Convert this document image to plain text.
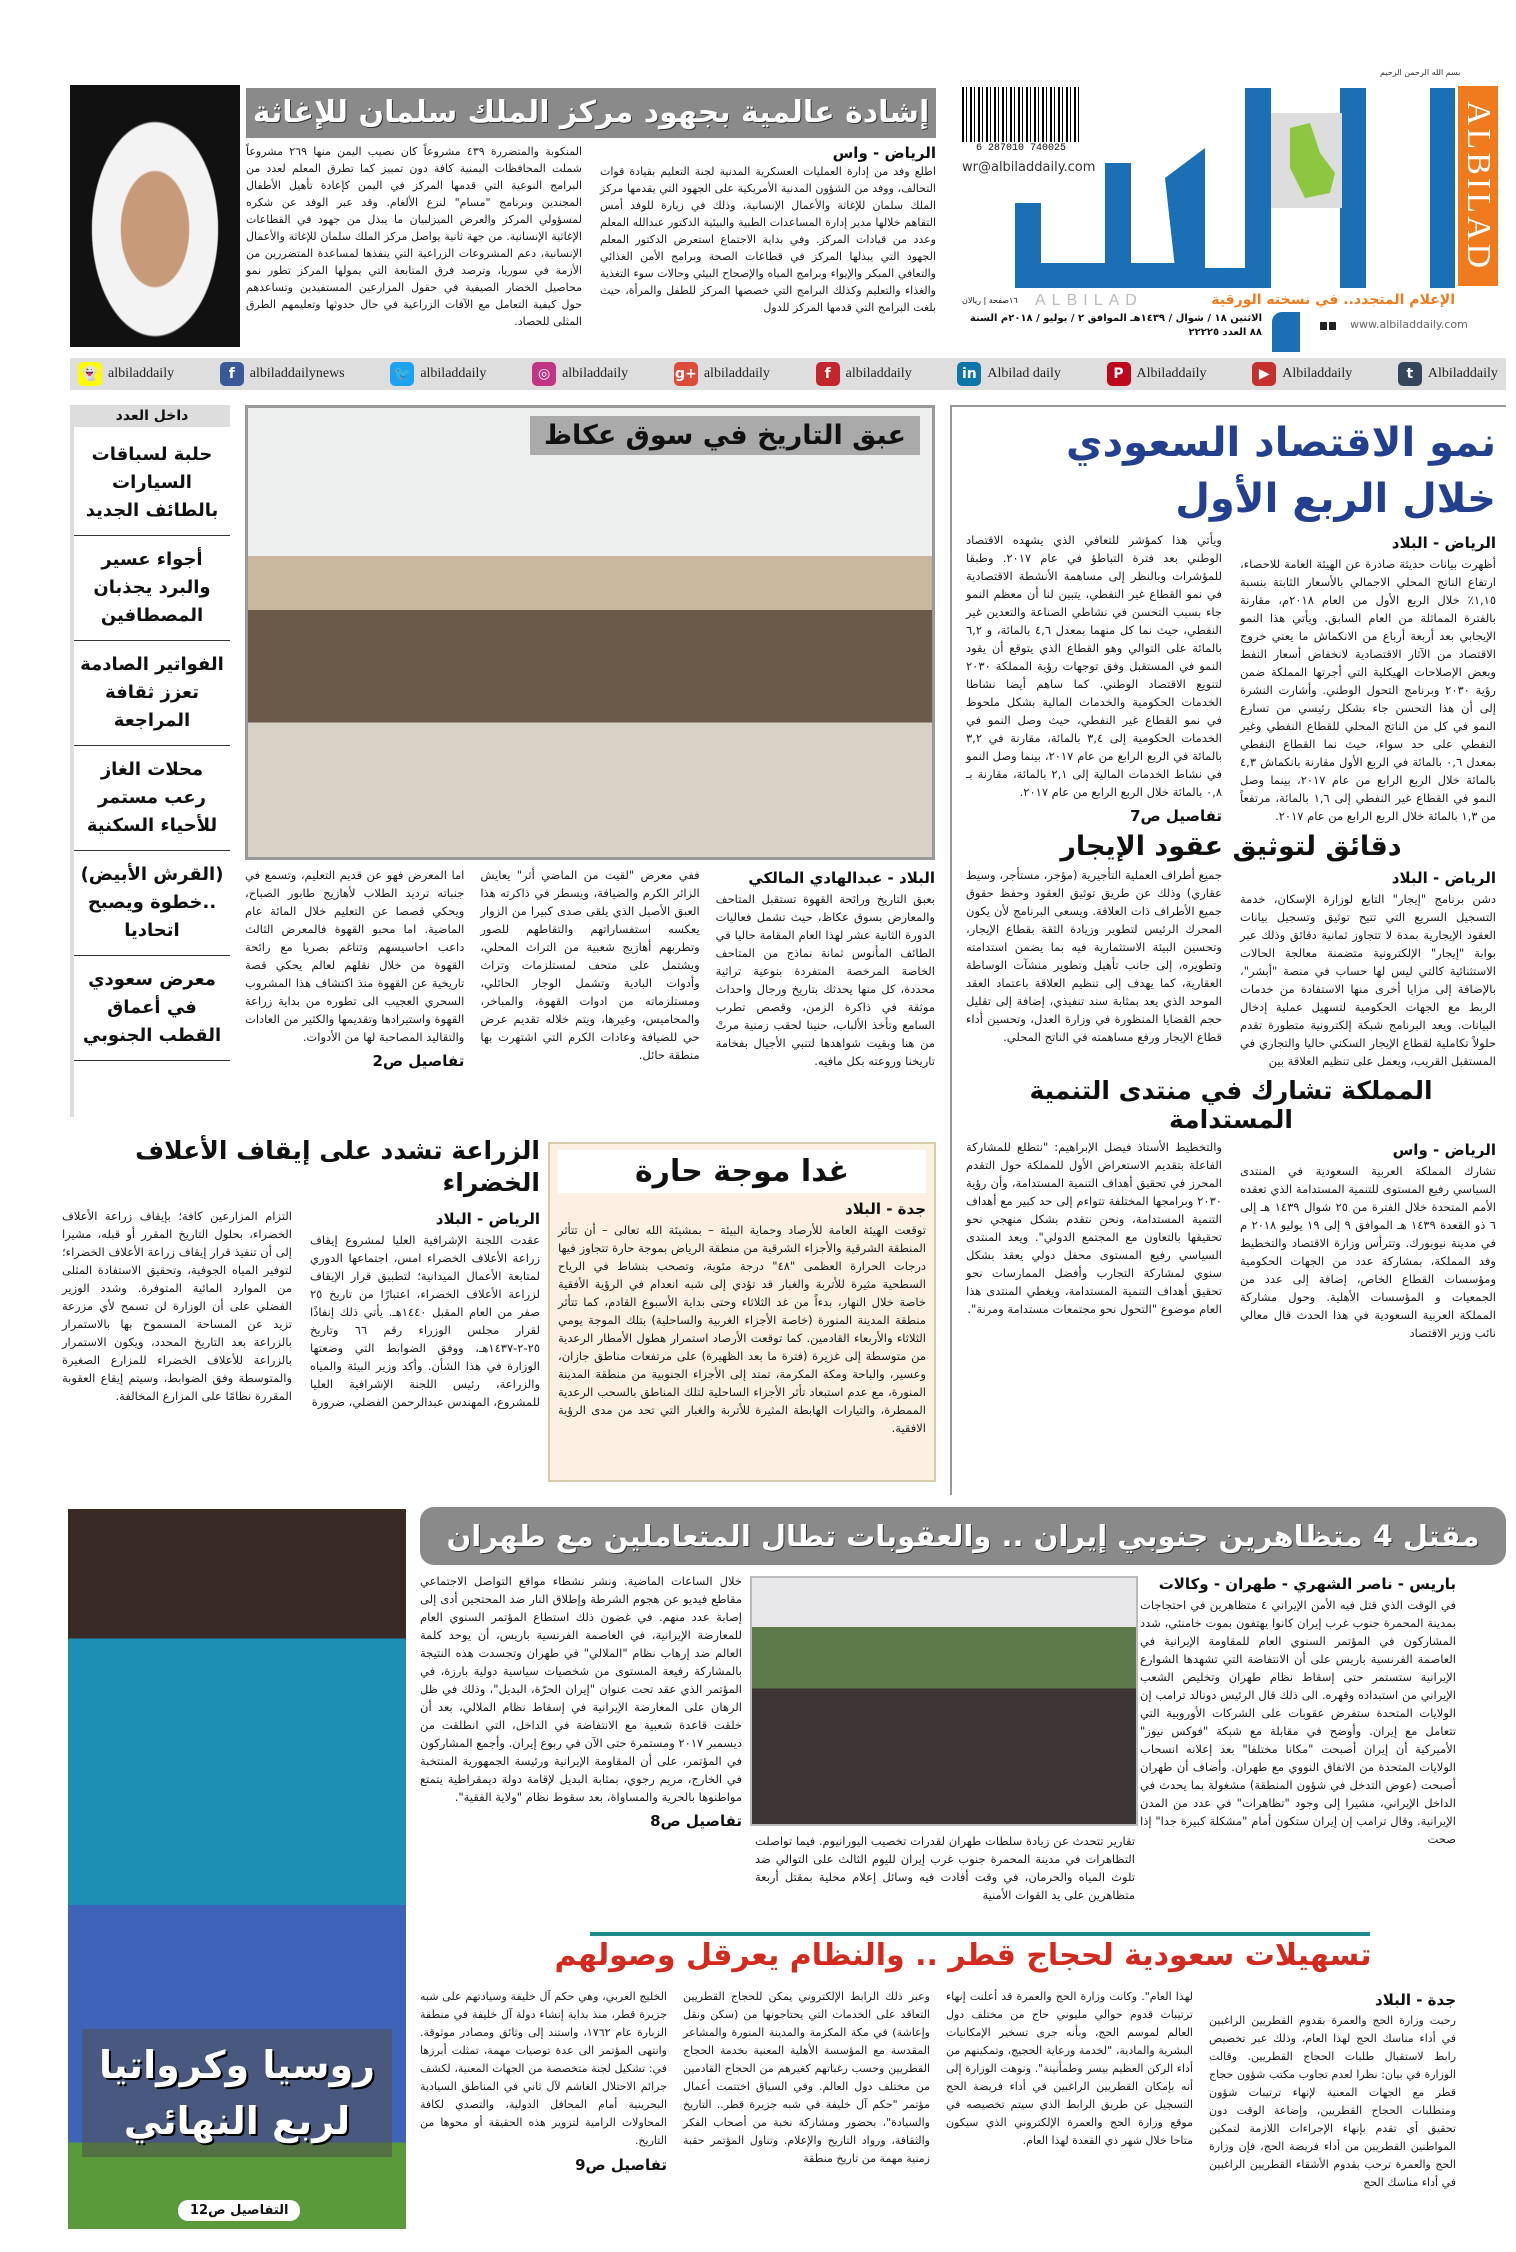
بسم الله الرحمن الرحيم
ALBILAD
6 287010 740025
wr@albiladdaily.com
الإعلام المتجدد.. في نسخته الورقية
ALBILAD
١٦صفحة | ريالان
الاثنين ١٨ / شوال / ١٤٣٩هـ الموافق ٢ / يوليو / ٢٠١٨م السنة ٨٨ العدد ٢٢٢٢٥
www.albiladdaily.com
إشادة عالمية بجهود مركز الملك سلمان للإغاثة
الرياض - واس
اطلع وفد من إدارة العمليات العسكرية المدنية لجنة التعليم بقيادة قوات التحالف، ووفد من الشؤون المدنية الأمريكية على الجهود التي يقدمها مركز الملك سلمان للإغاثة والأعمال الإنسانية، وذلك في زيارة للوفد أمس التقاهم خلالها مدير إدارة المساعدات الطبية والبيئية الدكتور عبدالله المعلم وعدد من قيادات المركز. وفي بداية الاجتماع استعرض الدكتور المعلم الجهود التي يبذلها المركز في قطاعات الصحة وبرامج الأمن الغذائي والتعافي المبكر والإيواء وبرامج المياه والإصحاح البيئي وحالات سوء التغذية والغذاء والتعليم وكذلك البرامج التي خصصها المركز للطفل والمرأة، حيث بلغت البرامج التي قدمها المركز للدول
المنكوبة والمتضررة ٤٣٩ مشروعاً كان نصيب اليمن منها ٢٦٩ مشروعاً شملت المحافظات اليمنية كافة دون تمييز كما تطرق المعلم لعدد من البرامج النوعية التي قدمها المركز في اليمن كإعادة تأهيل الأطفال المجندين وبرنامج "مسام" لنزع الألغام. وقد عبر الوفد عن شكره لمسؤولي المركز والعرض الميزلبيان ما يبذل من جهود في القطاعات الإغاثية الإنسانية. من جهة ثانية يواصل مركز الملك سلمان للإغاثة والأعمال الإنسانية، دعم المشروعات الزراعية التي ينفذها لمساعدة المتضررين من الأزمة في سوريا، وترصد فرق المتابعة التي يمولها المركز تطور نمو محاصيل الخضار الصيفية في حقول المزارعين المستفيدين وتساعدهم حول كيفية التعامل مع الآفات الزراعية في حال حدوثها وتعليمهم الطرق المثلى للحصاد.
t	Albiladdaily
▶ Albiladdaily
P Albiladdaily
in Albilad daily
f	albiladdaily
g+ albiladdaily
◎ albiladdaily
🐦 albiladdaily
f	albiladdailynews
👻 albiladdaily
داخل العدد
حلبة لسباقات السيارات بالطائف الجديد
أجواء عسير والبرد يجذبان المصطافين
الفواتير الصادمة تعزز ثقافة المراجعة
محلات الغاز رعب مستمر للأحياء السكنية
(القرش الأبيض) ..خطوة ويصبح اتحاديا
معرض سعودي في أعماق القطب الجنوبي
عبق التاريخ في سوق عكاظ
البلاد - عبدالهادي المالكي
بعبق التاريخ ورائحة القهوة تستقبل المتاحف والمعارض بسوق عكاظ، حيث تشمل فعاليات الدورة الثانية عشر لهذا العام المقامة حاليا في الطائف المأنوس ثمانة نماذج من المتاحف الخاصة المرخصة المتفردة بنوعية تراثية محددة، كل منها يحدثك بتاريخ ورجال واحداث موثقة في ذاكرة الزمن، وقصص تطرب السامع وتأخذ الألباب، حنينا لحقب زمنية مرتْ من هنا وبقيت شواهدها لتنبي الأجيال بفخامة تاريخنا وروعته بكل مافيه.
ففي معرض "لقيت من الماضي أثر" يعايش الزائر الكرم والضيافة، ويسطر في ذاكرته هذا العبق الأصيل الذي يلقى صدى كبيرا من الزوار يعكسه استفساراتهم والتقاطهم للصور وتطربهم أهازيج شعبية من التراث المحلي، ويشتمل على متحف لمستلزمات وتراث وأدوات البادية وتشمل الوجار الحائلي، ومستلزماته من ادوات القهوة، والمباخر، والمحاميس، وغيرها، ويتم خلاله تقديم عرض حي للضيافة وعادات الكرم التي اشتهرت بها منطقة حائل.
اما المعرض فهو عن قديم التعليم، وتسمع في جنباته ترديد الطلاب لأهازيج طابور الصباح، ويحكي قصصا عن التعليم خلال المائة عام الماضية. اما محبو القهوة فالمعرض الثالث داعب احاسيسهم وتناغم بصريا مع رائحة القهوة من خلال نقلهم لعالم يحكي قصة تاريخية عن القهوة منذ اكتشاف هذا المشروب السحري العجيب الى تطوره من بداية زراعة القهوة واستيرادها وتقديمها والكثير من العادات والتقاليد المصاحبة لها من الأدوات.
تفاصيل ص2
نمو الاقتصاد السعودي خلال الربع الأول
الرياض - البلاد
أظهرت بيانات حديثة صادرة عن الهيئة العامة للاحصاء، ارتفاع الناتج المحلي الاجمالي بالأسعار الثابتة بنسبة ١,١٥٪ خلال الربع الأول من العام ٢٠١٨م، مقارنة بالفترة المماثلة من العام السابق. ويأتي هذا النمو الإيجابي بعد أربعة أرباع من الانكماش ما يعني خروج الاقتصاد من الآثار الاقتصادية لانخفاض أسعار النفط وبعض الإصلاحات الهيكلية التي أجرتها المملكة ضمن رؤية ٢٠٣٠ وبرنامج التحول الوطني. وأشارت النشرة إلى أن هذا التحسن جاء بشكل رئيسي من تسارع النمو في كل من الناتج المحلي للقطاع النفطي وغير النفطي على حد سواء، حيث نما القطاع النفطي بمعدل ٠,٦ بالمائة في الربع الأول مقارنة بانكماش ٤,٣ بالمائة خلال الربع الرابع من عام ٢٠١٧، بينما وصل النمو في القطاع غير النفطي إلى ١,٦ بالمائة، مرتفعاً من ١,٣ بالمائة خلال الربع الرابع من عام ٢٠١٧.
ويأتي هذا كمؤشر للتعافي الذي يشهده الاقتصاد الوطني بعد فترة التباطؤ في عام ٢٠١٧. وطبقا للمؤشرات وبالنظر إلى مساهمة الأنشطة الاقتصادية في نمو القطاع غير النفطي، يتبين لنا أن معظم النمو جاء بسبب التحسن في نشاطي الصناعة والتعدين غير النفطي، حيث نما كل منهما بمعدل ٤,٦ بالمائة، و ٦,٢ بالمائة على التوالي وهو القطاع الذي يتوقع أن يقود النمو في المستقبل وفق توجهات رؤية المملكة ٢٠٣٠ لتنويع الاقتصاد الوطني. كما ساهم أيضا نشاطا الخدمات الحكومية والخدمات المالية بشكل ملحوظ في نمو القطاع غير النفطي، حيث وصل النمو في الخدمات الحكومية إلى ٣,٤ بالمائة، مقارنة في ٣,٢ بالمائة في الربع الرابع من عام ٢٠١٧، بينما وصل النمو في نشاط الخدمات المالية إلى ٢,١ بالمائة، مقارنة بـ ٠,٨ بالمائة خلال الربع الرابع من عام ٢٠١٧.
تفاصيل ص7
دقائق لتوثيق عقود الإيجار
الرياض - البلاد
دشن برنامج "إيجار" التابع لوزارة الإسكان، خدمة التسجيل السريع التي تتيح توثيق وتسجيل بيانات العقود الإيجارية بمدة لا تتجاوز ثمانية دقائق وذلك عبر بوابة "إيجار" الإلكترونية متضمنة معالجة الحالات الاستثنائية كالتي ليس لها حساب في منصة "أبشر"، بالإضافة إلى مزايا أخرى منها الاستفادة من خدمات الربط مع الجهات الحكومية لتسهيل عملية إدخال البيانات. ويعد البرنامج شبكة إلكترونية متطورة تقدم حلولاً تكاملية لقطاع الإيجار السكني حاليا والتجاري في المستقبل القريب، ويعمل على تنظيم العلاقة بين
جميع أطراف العملية التأجيرية (مؤجر، مستأجر، وسيط عقاري) وذلك عن طريق توثيق العقود وحفظ حقوق جميع الأطراف ذات العلاقة. ويسعى البرنامج لأن يكون المحرك الرئيس لتطوير وزيادة الثقة بقطاع الإيجار، وتحسين البيئة الاستثمارية فيه بما يضمن استدامته وتطويره، إلى جانب تأهيل وتطوير منشآت الوساطة العقارية، كما يهدف إلى تنظيم العلاقة باعتماد العقد الموحد الذي يعد بمثابة سند تنفيذي، إضافة إلى تقليل حجم القضايا المنظورة في وزارة العدل، وتحسين أداء قطاع الإيجار ورفع مساهمته في الناتج المحلي.
المملكة تشارك في منتدى التنمية المستدامة
الرياض - واس
تشارك المملكة العربية السعودية في المنتدى السياسي رفيع المستوى للتنمية المستدامة الذي تعقده الأمم المتحدة خلال الفترة من ٢٥ شوال ١٤٣٩ هـ إلى ٦ ذو القعدة ١٤٣٩ هـ الموافق ٩ إلى ١٩ يوليو ٢٠١٨ م في مدينة نيويورك. وتترأس وزارة الاقتصاد والتخطيط وفد المملكة، بمشاركة عدد من الجهات الحكومية ومؤسسات القطاع الخاص، إضافة إلى عدد من الجمعيات و المؤسسات الأهلية. وحول مشاركة المملكة العربية السعودية في هذا الحدث قال معالي نائب وزير الاقتصاد
والتخطيط الأستاذ فيصل الإبراهيم: "نتطلع للمشاركة الفاعلة بتقديم الاستعراض الأول للمملكة حول التقدم المحرز في تحقيق أهداف التنمية المستدامة، وأن رؤية ٢٠٣٠ وبرامجها المختلفة تتواءم إلى حد كبير مع أهداف التنمية المستدامة، ونحن نتقدم بشكل منهجي نحو تحقيقها بالتعاون مع المجتمع الدولي". ويعد المنتدى السياسي رفيع المستوى محفل دولي يعقد بشكل سنوي لمشاركة التجارب وأفضل الممارسات نحو تحقيق أهداف التنمية المستدامة، ويغطي المنتدى هذا العام موضوع "التحول نحو مجتمعات مستدامة ومرنة".
غدا موجة حارة
جدة - البلاد
توقعت الهيئة العامة للأرصاد وحماية البيئة – بمشيئة الله تعالى – أن تتأثر المنطقة الشرقية والأجزاء الشرقية من منطقة الرياض بموجة حارة تتجاوز فيها درجات الحرارة العظمى "٤٨" درجة مئوية، وتصحب بنشاط في الرياح السطحية مثيرة للأتربة والغبار قد تؤدي إلى شبه انعدام في الرؤية الأفقية خاصة خلال النهار، بدءاً من غد الثلاثاء وحتى بداية الأسبوع القادم، كما تتأثر منطقة المدينة المنورة (خاصة الأجزاء الغربية والساحلية) بتلك الموجة يومي الثلاثاء والأربعاء القادمين. كما توقعت الأرصاد استمرار هطول الأمطار الرعدية من متوسطة إلى غزيرة (فترة ما بعد الظهيرة) على مرتفعات مناطق جازان، وعسير، والباحة ومكة المكرمة، تمتد إلى الأجزاء الجنوبية من منطقة المدينة المنورة، مع عدم استبعاد تأثر الأجزاء الساحلية لتلك المناطق بالسحب الرعدية الممطرة، والتيارات الهابطة المثيرة للأتربة والغبار التي تحد من مدى الرؤية الافقية.
الزراعة تشدد على إيقاف الأعلاف الخضراء
الرياض - البلاد
عقدت اللجنة الإشرافية العليا لمشروع إيقاف زراعة الأعلاف الخضراء امس، اجتماعها الدوري لمتابعة الأعمال الميدانية؛ لتطبيق قرار الإيقاف لزراعة الأعلاف الخضراء، اعتبارًا من تاريخ ٢٥ صفر من العام المقبل ١٤٤٠هـ. يأتي ذلك إنفاذًا لقرار مجلس الوزراء رقم ٦٦ وتاريخ ٢٥-٢-١٤٣٧هـ، ووفق الضوابط التي وضعتها الوزارة في هذا الشأن. وأكد وزير البيئة والمياه والزراعة، رئيس اللجنة الإشرافية العليا للمشروع، المهندس عبدالرحمن الفضلي، ضرورة
التزام المزارعين كافة؛ بإيقاف زراعة الأعلاف الخضراء، بحلول التاريخ المقرر أو قبله، مشيرا إلى أن تنفيذ قرار إيقاف زراعة الأعلاف الخضراء؛ لتوفير المياه الجوفية، وتحقيق الاستفادة المثلى من الموارد المائية المتوفرة. وشدد الوزير الفضلي على أن الوزارة لن تسمح لأي مزرعة تزيد عن المساحة المسموح بها بالاستمرار بالزراعة بعد التاريخ المحدد، ويكون الاستمرار بالزراعة للأعلاف الخضراء للمزارع الصغيرة والمتوسطة وفق الضوابط، وسيتم إيقاع العقوبة المقررة نظامًا على المزارع المخالفة.
روسيا وكرواتيا
لربع النهائي
التفاصيل ص12
مقتل 4 متظاهرين جنوبي إيران .. والعقوبات تطال المتعاملين مع طهران
باريس - ناصر الشهري - طهران - وكالات
في الوقت الذي قتل فيه الأمن الإيراني ٤ متظاهرين في احتجاجات بمدينة المحمرة جنوب غرب إيران كانوا يهتفون بموت خامنئي، شدد المشاركون في المؤتمر السنوي العام للمقاومة الإيرانية في العاصمة الفرنسية باريس على أن الانتفاضة التي تشهدها الشوارع الإيرانية ستستمر حتى إسقاط نظام طهران وتخليص الشعب الإيراني من استبداده وقهره. الى ذلك قال الرئيس دونالد ترامب إن الولايات المتحدة ستفرض عقوبات على الشركات الأوروبية التي تتعامل مع إيران. وأوضح في مقابلة مع شبكة "فوكس نيوز" الأميركية أن إيران أصبحت "مكانا مختلفا" بعد إعلانه انسحاب الولايات المتحدة من الاتفاق النووي مع طهران. وأضاف أن طهران أصبحت (عوض التدخل في شؤون المنطقة) مشغولة بما يحدث في الداخل الإيراني، مشيرا إلى وجود "تظاهرات" في عدد من المدن الإيرانية. وقال ترامب إن إيران ستكون أمام "مشكلة كبيرة جدا" إذا صحت
تقارير تتحدث عن زيادة سلطات طهران لقدرات تخصيب اليورانيوم. فيما تواصلت التظاهرات في مدينة المحمرة جنوب غرب إيران لليوم الثالث على التوالي ضد تلوث المياه والحرمان، في وقت أفادت فيه وسائل إعلام محلية بمقتل أربعة متظاهرين على يد القوات الأمنية
خلال الساعات الماضية. ونشر نشطاء مواقع التواصل الاجتماعي مقاطع فيديو عن هجوم الشرطة وإطلاق النار ضد المحتجين أدى إلى إصابة عدد منهم. في غضون ذلك استطاع المؤتمر السنوي العام للمعارضة الإيرانية، في العاصمة الفرنسية باريس، أن يوحد كلمة العالم ضد إرهاب نظام "الملالي" في طهران وتجسدت هذه النتيجة بالمشاركة رفيعة المستوى من شخصيات سياسية دولية بارزة، في المؤتمر الذي عقد تحت عنوان "إيران الحرّة، البديل"، وذلك في ظل الرهان على المعارضة الإيرانية في إسقاط نظام الملالي، بعد أن خلقت قاعدة شعبية مع الانتفاضة في الداخل، التي انطلقت من ديسمبر ٢٠١٧ ومستمرة حتى الآن في ربوع إيران. وأجمع المشاركون في المؤتمر، على أن المقاومة الإيرانية ورئيسة الجمهورية المنتخبة في الخارج، مريم رجوي، بمثابة البديل لإقامة دولة ديمقراطية يتمتع مواطنوها بالحرية والمساواة، بعد سقوط نظام "ولاية الفقية".
تفاصيل ص8
تسهيلات سعودية لحجاج قطر .. والنظام يعرقل وصولهم
جدة - البلاد
رحبت وزارة الحج والعمرة بقدوم القطريين الراغبين في أداء مناسك الحج لهذا العام، وذلك عبر تخصيص رابط لاستقبال طلبات الحجاج القطريين. وقالت الوزارة في بيان: نظرا لعدم تجاوب مكتب شؤون حجاج قطر مع الجهات المعنية لإنهاء ترتيبات شؤون ومتطلبات الحجاج القطريين، وإضاعة الوقت دون تحقيق أي تقدم بإنهاء الإجراءات اللازمة لتمكين المواطنين القطريين من أداء فريضة الحج، فإن وزارة الحج والعمرة ترحب بقدوم الأشقاء القطريين الراغبين في أداء مناسك الحج
لهذا العام". وكانت وزارة الحج والعمرة قد أعلنت إنهاء ترتيبات قدوم حوالي مليوني حاج من مختلف دول العالم لموسم الحج، وبأنه جرى تسخير الإمكانيات البشرية والمادية، "لخدمة ورعاية الحجيج، وتمكينهم من أداء الركن العظيم بيسر وطمأنينة". ونوهت الوزارة إلى أنه بإمكان القطريين الراغبين في أداء فريضة الحج التسجيل عن طريق الرابط الذي سيتم تخصيصه في موقع وزارة الحج والعمرة الإلكتروني الذي سيكون متاحا خلال شهر ذي القعدة لهذا العام.
وعبر ذلك الرابط الإلكتروني يمكن للحجاج القطريين التعاقد على الخدمات التي يحتاجونها من (سكن ونقل وإعاشة) في مكة المكرمة والمدينة المنورة والمشاعر المقدسة مع المؤسسة الأهلية المعنية بخدمة الحجاج القطريين وحسب رغباتهم كغيرهم من الحجاج القادمين من مختلف دول العالم. وفي السياق اختتمت أعمال مؤتمر "حكم آل خليفة في شبه جزيرة قطر.. التاريخ والسيادة"، بحضور ومشاركة نخبة من أصحاب الفكر والثقافة، ورواد التاريخ والإعلام. وتناول المؤتمر حقبة زمنية مهمة من تاريخ منطقة
الخليج العربي، وهي حكم آل خليفة وسيادتهم على شبه جزيرة قطر، منذ بداية إنشاء دولة آل خليفة في منطقة الزبارة عام ١٧٦٢، واستند إلى وثائق ومصادر موثوقة. وانتهى المؤتمر الى عدة توصيات مهمة، تمثلت أبرزها في: تشكيل لجنة متخصصة من الجهات المعنية، لكشف جرائم الاحتلال الغاشم لآل ثاني في المناطق السيادية البحرينية أمام المحافل الدولية، والتصدي لكافة المحاولات الرامية لتزوير هذه الحقيقة أو محوها من التاريخ.
تفاصيل ص9
